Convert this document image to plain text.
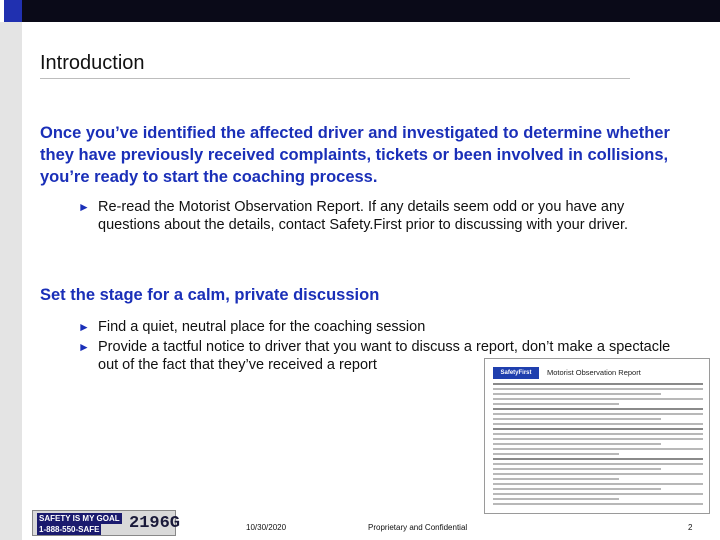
Introduction
Once you’ve identified the affected driver and investigated to determine whether they have previously received complaints, tickets or been involved in collisions, you’re ready to start the coaching process.
► Re-read the Motorist Observation Report. If any details seem odd or you have any questions about the details, contact Safety.First prior to discussing with your driver.
Set the stage for a calm, private discussion
► Find a quiet, neutral place for the coaching session
► Provide a tactful notice to driver that you want to discuss a report, don’t make a spectacle out of the fact that they’ve received a report	SafetyFirst	Motorist Observation Report
SAFETY IS MY GOAL
1-888-550-SAFE 2196G	10/30/2020	Proprietary and Confidential	2
